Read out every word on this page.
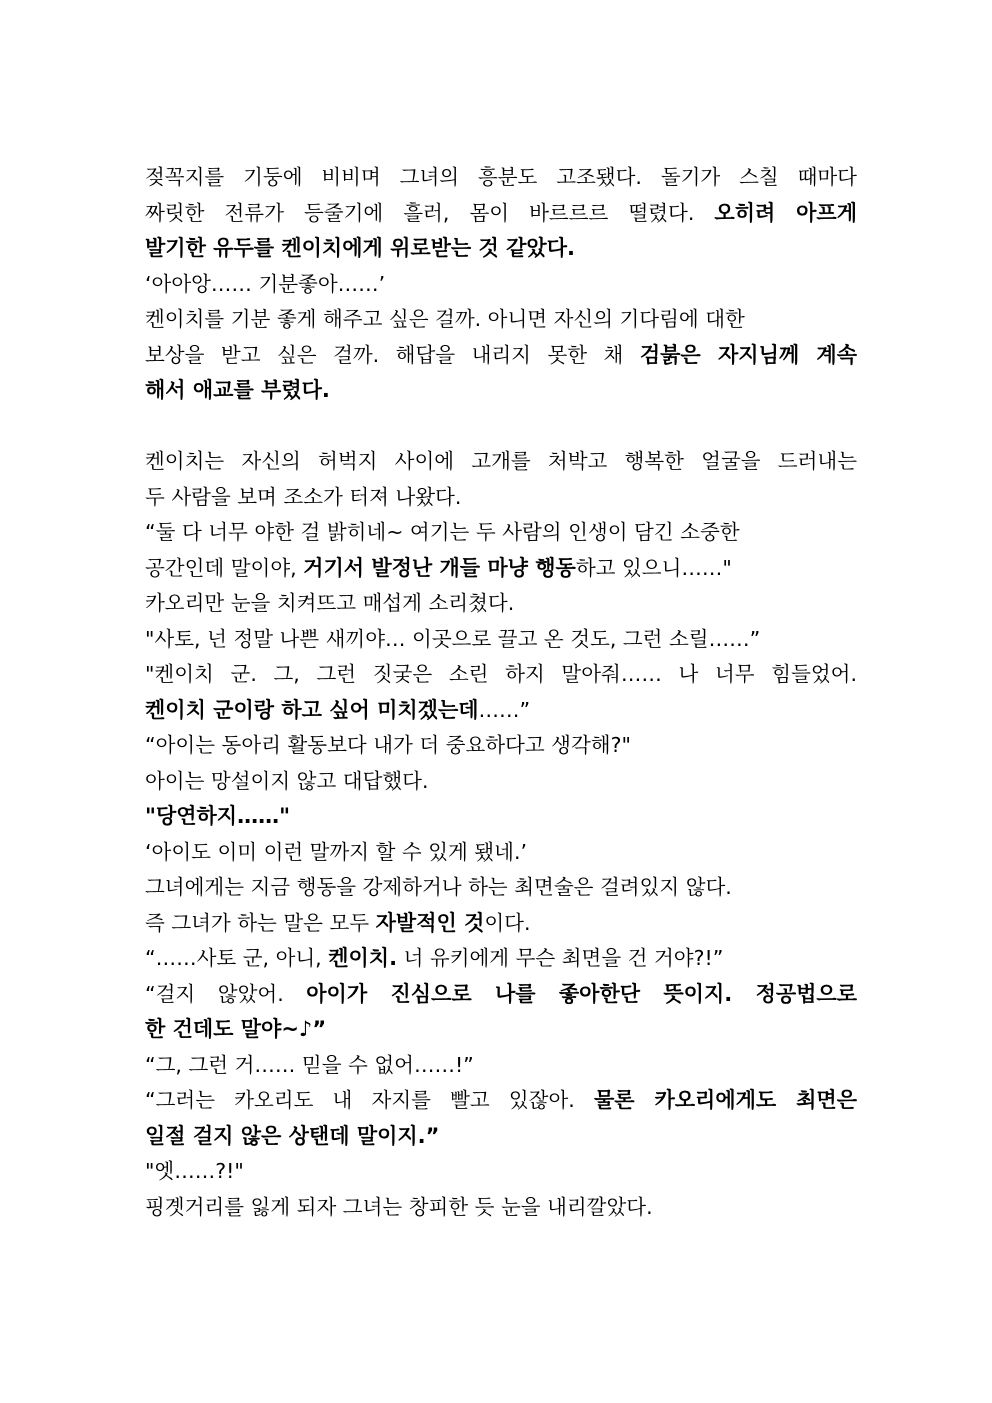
젖꼭지를 기둥에 비비며 그녀의 흥분도 고조됐다. 돌기가 스칠 때마다
짜릿한 전류가 등줄기에 흘러, 몸이 바르르르 떨렸다. 오히려 아프게
발기한 유두를 켄이치에게 위로받는 것 같았다.
‘아아앙…… 기분좋아……’
켄이치를 기분 좋게 해주고 싶은 걸까. 아니면 자신의 기다림에 대한
보상을 받고 싶은 걸까. 해답을 내리지 못한 채 검붉은 자지님께 계속
해서 애교를 부렸다.
켄이치는 자신의 허벅지 사이에 고개를 처박고 행복한 얼굴을 드러내는
두 사람을 보며 조소가 터져 나왔다.
“둘 다 너무 야한 걸 밝히네~ 여기는 두 사람의 인생이 담긴 소중한
공간인데 말이야, 거기서 발정난 개들 마냥 행동하고 있으니……"
카오리만 눈을 치켜뜨고 매섭게 소리쳤다.
"사토, 넌 정말 나쁜 새끼야… 이곳으로 끌고 온 것도, 그런 소릴……”
"켄이치 군. 그, 그런 짓궂은 소린 하지 말아줘…… 나 너무 힘들었어.
켄이치 군이랑 하고 싶어 미치겠는데……”
“아이는 동아리 활동보다 내가 더 중요하다고 생각해?"
아이는 망설이지 않고 대답했다.
"당연하지……"
‘아이도 이미 이런 말까지 할 수 있게 됐네.’
그녀에게는 지금 행동을 강제하거나 하는 최면술은 걸려있지 않다.
즉 그녀가 하는 말은 모두 자발적인 것이다.
“……사토 군, 아니, 켄이치. 너 유키에게 무슨 최면을 건 거야?!”
“걸지 않았어. 아이가 진심으로 나를 좋아한단 뜻이지. 정공법으로
한 건데도 말야~♪”
“그, 그런 거…… 믿을 수 없어……!”
“그러는 카오리도 내 자지를 빨고 있잖아. 물론 카오리에게도 최면은
일절 걸지 않은 상탠데 말이지.”
"엣……?!"
핑곗거리를 잃게 되자 그녀는 창피한 듯 눈을 내리깔았다.
